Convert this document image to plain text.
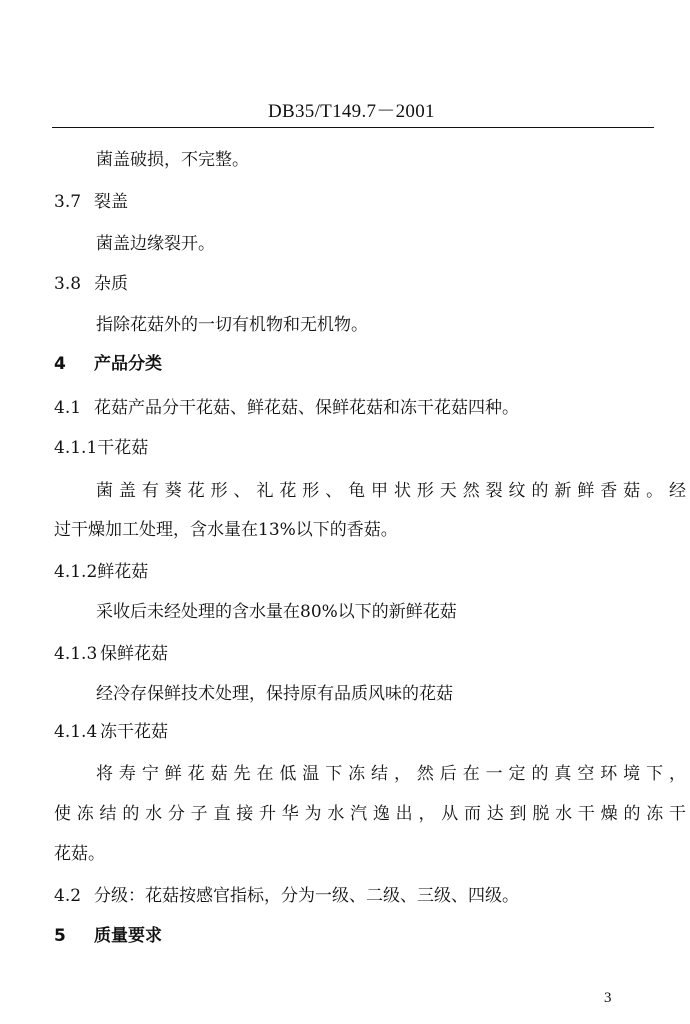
DB35/T149.7－2001
菌盖破损，不完整。
3.7 裂盖
菌盖边缘裂开。
3.8 杂质
指除花菇外的一切有机物和无机物。
4 产品分类
4.1 花菇产品分干花菇、鲜花菇、保鲜花菇和冻干花菇四种。
4.1.1干花菇
菌盖有葵花形、礼花形、龟甲状形天然裂纹的新鲜香菇。经
过干燥加工处理，含水量在13%以下的香菇。
4.1.2鲜花菇
采收后未经处理的含水量在80%以下的新鲜花菇
4.1.3 保鲜花菇
经冷存保鲜技术处理，保持原有品质风味的花菇
4.1.4 冻干花菇
将寿宁鲜花菇先在低温下冻结，然后在一定的真空环境下，
使冻结的水分子直接升华为水汽逸出，从而达到脱水干燥的冻干
花菇。
4.2 分级：花菇按感官指标，分为一级、二级、三级、四级。
5 质量要求
3
